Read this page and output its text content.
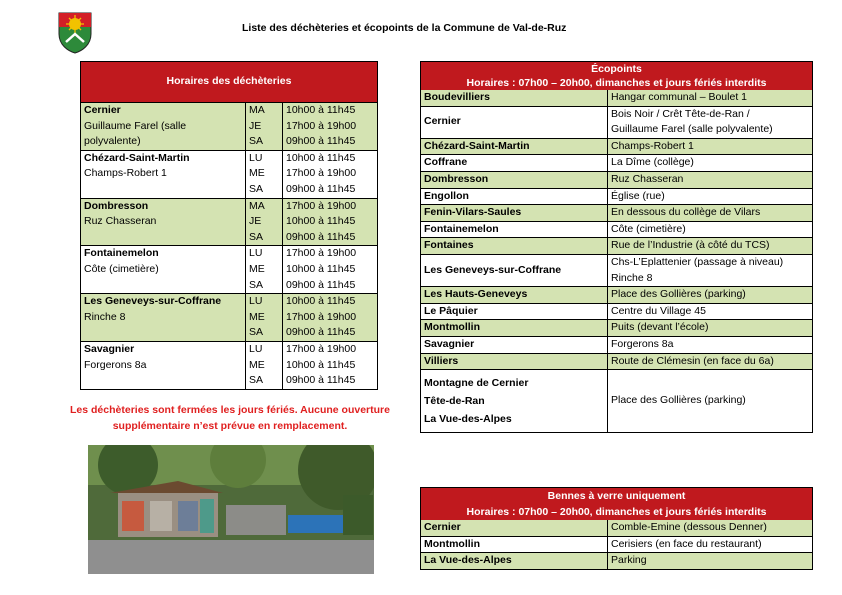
Liste des déchèteries et écopoints de la Commune de Val-de-Ruz
Horaires des déchèteries		
Cernier	MA	10h00 à 11h45
Guillaume Farel (salle	JE	17h00 à 19h00
polyvalente)	SA	09h00 à 11h45
Chézard-Saint-Martin	LU	10h00 à 11h45
Champs-Robert 1	ME	17h00 à 19h00
	SA	09h00 à 11h45
Dombresson	MA	17h00 à 19h00
Ruz Chasseran	JE	10h00 à 11h45
	SA	09h00 à 11h45
Fontainemelon	LU	17h00 à 19h00
Côte (cimetière)	ME	10h00 à 11h45
	SA	09h00 à 11h45
Les Geneveys-sur-Coffrane	LU	10h00 à 11h45
Rinche 8	ME	17h00 à 19h00
	SA	09h00 à 11h45
Savagnier	LU	17h00 à 19h00
Forgerons 8a	ME	10h00 à 11h45
	SA	09h00 à 11h45
Les déchèteries sont fermées les jours fériés. Aucune ouverture
supplémentaire n’est prévue en remplacement.
Écopoints	
Horaires : 07h00 – 20h00, dimanches et jours fériés interdits	
Boudevilliers	Hangar communal – Boulet 1

Cernier	Bois Noir / Crêt Tête-de-Ran /
Guillaume Farel (salle polyvalente)

Chézard-Saint-Martin	Champs-Robert 1

Coffrane	La Dîme (collège)

Dombresson	Ruz Chasseran

Engollon	Église (rue)

Fenin-Vilars-Saules	En dessous du collège de Vilars

Fontainemelon	Côte (cimetière)

Fontaines	Rue de l’Industrie (à côté du TCS)

Les Geneveys-sur-Coffrane	Chs-L’Eplattenier (passage à niveau)
Rinche 8

Les Hauts-Geneveys	Place des Gollières (parking)

Le Pâquier	Centre du Village 45

Montmollin	Puits (devant l’école)

Savagnier	Forgerons 8a

Villiers	Route de Clémesin (en face du 6a)

Montagne de Cernier
Tête-de-Ran
La Vue-des-Alpes	Place des Gollières (parking)
Bennes à verre uniquement	
Horaires : 07h00 – 20h00, dimanches et jours fériés interdits	
Cernier	Comble-Emine (dessous Denner)
Montmollin	Cerisiers (en face du restaurant)
La Vue-des-Alpes	Parking
